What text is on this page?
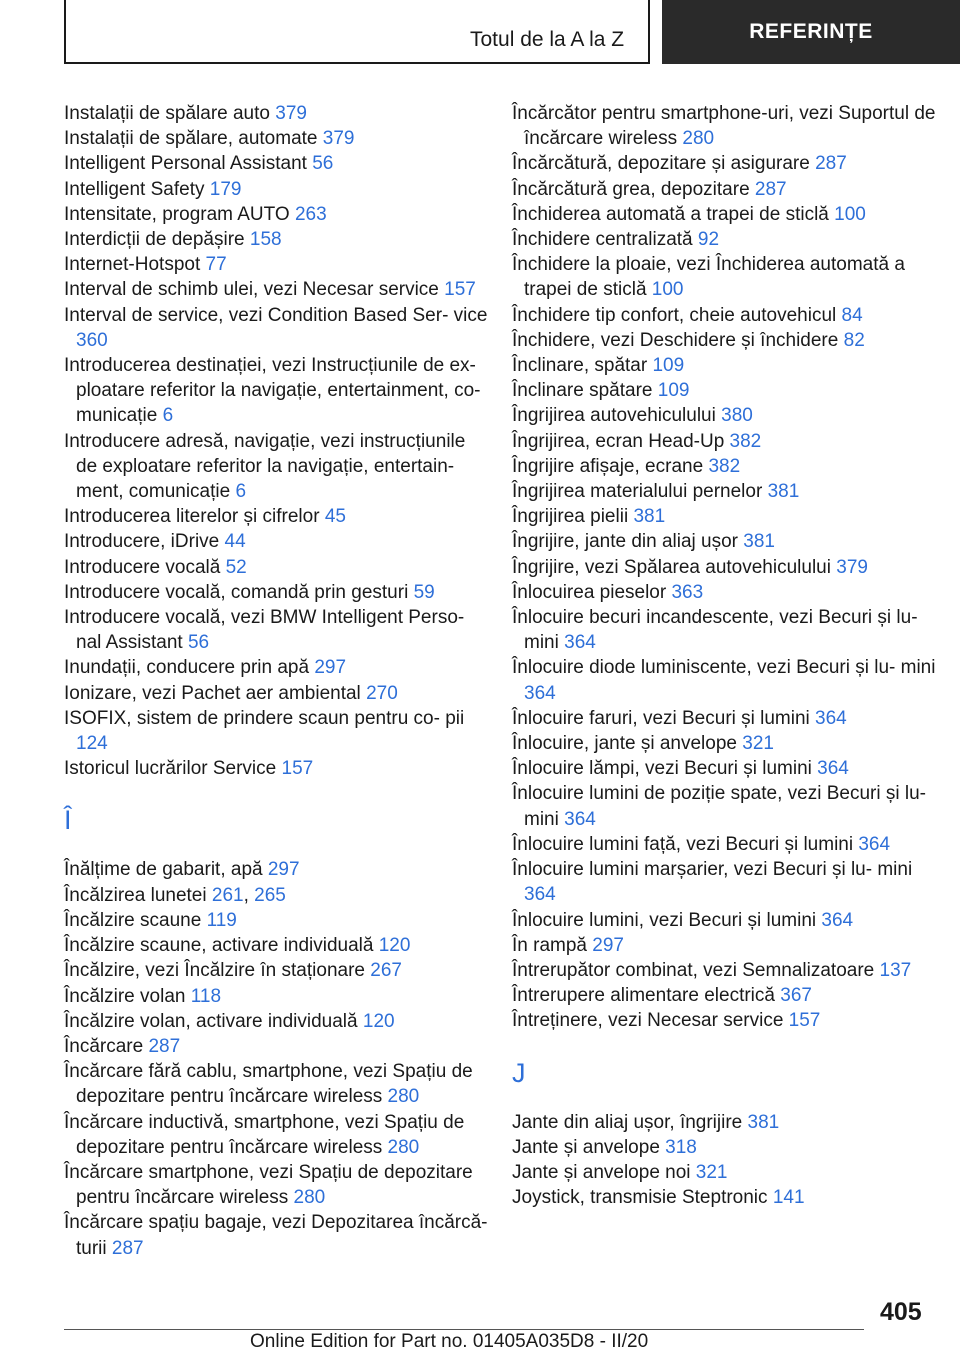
Totul de la A la Z	REFERINȚE

Instalații de spălare auto 379

Instalații de spălare, automate 379

Intelligent Personal Assistant 56

Intelligent Safety 179

Intensitate, program AUTO 263

Interdicții de depășire 158

Internet-Hotspot 77

Interval de schimb ulei, vezi Necesar service 157

Interval de service, vezi Condition Based Ser- vice 360

Introducerea destinației, vezi Instrucțiunile de ex- ploatare referitor la navigație, entertainment, co- municație 6

Introducere adresă, navigație, vezi instrucțiunile de exploatare referitor la navigație, entertain- ment, comunicație 6

Introducerea literelor și cifrelor 45

Introducere, iDrive 44

Introducere vocală 52

Introducere vocală, comandă prin gesturi 59

Introducere vocală, vezi BMW Intelligent Perso- nal Assistant 56

Inundații, conducere prin apă 297

Ionizare, vezi Pachet aer ambiental 270

ISOFIX, sistem de prindere scaun pentru co- pii 124

Istoricul lucrărilor Service 157

Î

Înălțime de gabarit, apă 297

Încălzirea lunetei 261, 265

Încălzire scaune 119

Încălzire scaune, activare individuală 120

Încălzire, vezi Încălzire în staționare 267

Încălzire volan 118

Încălzire volan, activare individuală 120

Încărcare 287

Încărcare fără cablu, smartphone, vezi Spațiu de depozitare pentru încărcare wireless 280

Încărcare inductivă, smartphone, vezi Spațiu de depozitare pentru încărcare wireless 280

Încărcare smartphone, vezi Spațiu de depozitare pentru încărcare wireless 280

Încărcare spațiu bagaje, vezi Depozitarea încărcă- turii 287

Încărcător pentru smartphone-uri, vezi Suportul de încărcare wireless 280

Încărcătură, depozitare și asigurare 287

Încărcătură grea, depozitare 287

Închiderea automată a trapei de sticlă 100

Închidere centralizată 92

Închidere la ploaie, vezi Închiderea automată a trapei de sticlă 100

Închidere tip confort, cheie autovehicul 84

Închidere, vezi Deschidere și închidere 82

Înclinare, spătar 109

Înclinare spătare 109

Îngrijirea autovehiculului 380

Îngrijirea, ecran Head-Up 382

Îngrijire afișaje, ecrane 382

Îngrijirea materialului pernelor 381

Îngrijirea pielii 381

Îngrijire, jante din aliaj ușor 381

Îngrijire, vezi Spălarea autovehiculului 379

Înlocuirea pieselor 363

Înlocuire becuri incandescente, vezi Becuri și lu- mini 364

Înlocuire diode luminiscente, vezi Becuri și lu- mini 364

Înlocuire faruri, vezi Becuri și lumini 364

Înlocuire, jante și anvelope 321

Înlocuire lămpi, vezi Becuri și lumini 364

Înlocuire lumini de poziție spate, vezi Becuri și lu- mini 364

Înlocuire lumini față, vezi Becuri și lumini 364

Înlocuire lumini marșarier, vezi Becuri și lu- mini 364

Înlocuire lumini, vezi Becuri și lumini 364

În rampă 297

Întrerupător combinat, vezi Semnalizatoare 137

Întrerupere alimentare electrică 367

Întreținere, vezi Necesar service 157

J

Jante din aliaj ușor, îngrijire 381

Jante și anvelope 318

Jante și anvelope noi 321

Joystick, transmisie Steptronic 141

405
Online Edition for Part no. 01405A035D8 - II/20
